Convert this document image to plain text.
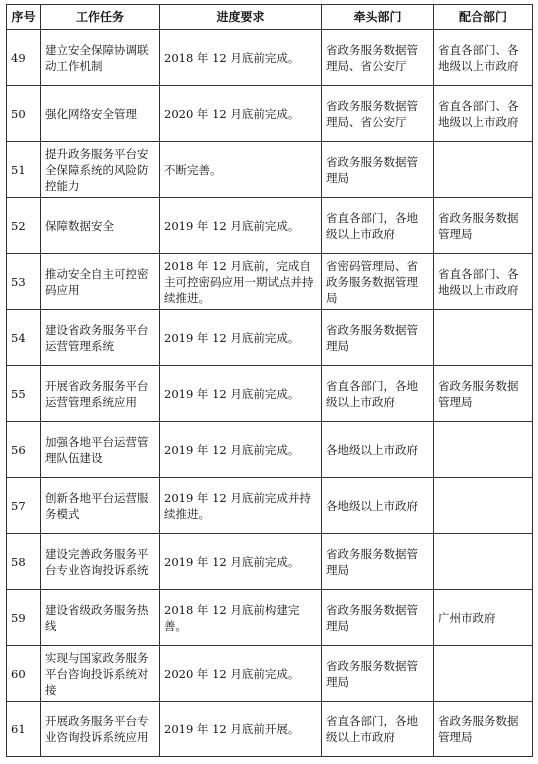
序号	工作任务	进度要求	牵头部门	配合部门
49	建立安全保障协调联动工作机制	2018 年 12 月底前完成。	省政务服务数据管理局、省公安厅	省直各部门、各地级以上市政府
50	强化网络安全管理	2020 年 12 月底前完成。	省政务服务数据管理局、省公安厅	省直各部门、各地级以上市政府
51	提升政务服务平台安全保障系统的风险防控能力	不断完善。	省政务服务数据管理局	
52	保障数据安全	2019 年 12 月底前完成。	省直各部门，各地级以上市政府	省政务服务数据管理局
53	推动安全自主可控密码应用	2018 年 12 月底前，完成自主可控密码应用一期试点并持续推进。	省密码管理局、省政务服务数据管理局	省直各部门、各地级以上市政府
54	建设省政务服务平台运营管理系统	2019 年 12 月底前完成。	省政务服务数据管理局	
55	开展省政务服务平台运营管理系统应用	2019 年 12 月底前完成。	省直各部门，各地级以上市政府	省政务服务数据管理局
56	加强各地平台运营管理队伍建设	2019 年 12 月底前完成。	各地级以上市政府	
57	创新各地平台运营服务模式	2019 年 12 月底前完成并持续推进。	各地级以上市政府	
58	建设完善政务服务平台专业咨询投诉系统	2019 年 12 月底前完成。	省政务服务数据管理局	
59	建设省级政务服务热线	2018 年 12 月底前构建完善。	省政务服务数据管理局	广州市政府
60	实现与国家政务服务平台咨询投诉系统对接	2020 年 12 月底前完成。	省政务服务数据管理局	
61	开展政务服务平台专业咨询投诉系统应用	2019 年 12 月底前开展。	省直各部门，各地级以上市政府	省政务服务数据管理局
